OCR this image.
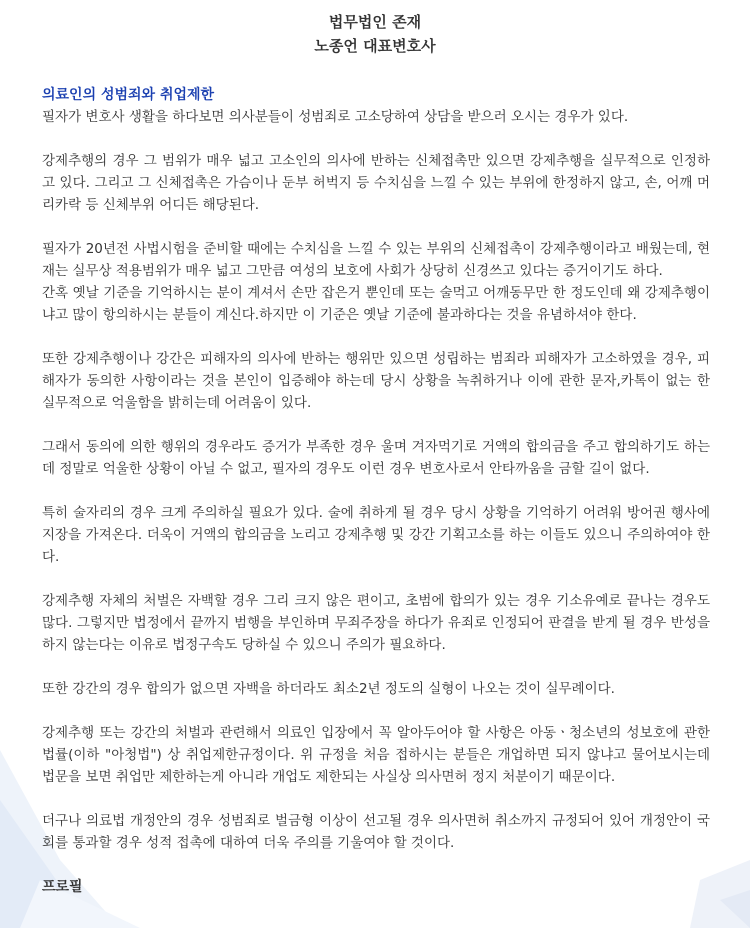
법무법인 존재
노종언 대표변호사

의료인의 성범죄와 취업제한

필자가 변호사 생활을 하다보면 의사분들이 성범죄로 고소당하여 상담을 받으러 오시는 경우가 있다.

강제추행의 경우 그 범위가 매우 넓고 고소인의 의사에 반하는 신체접촉만 있으면 강제추행을 실무적으로 인정하고 있다. 그리고 그 신체접촉은 가슴이나 둔부 허벅지 등 수치심을 느낄 수 있는 부위에 한정하지 않고, 손, 어깨 머리카락 등 신체부위 어디든 해당된다.

필자가 20년전 사법시험을 준비할 때에는 수치심을 느낄 수 있는 부위의 신체접촉이 강제추행이라고 배웠는데, 현재는 실무상 적용범위가 매우 넓고 그만큼 여성의 보호에 사회가 상당히 신경쓰고 있다는 증거이기도 하다.

간혹 옛날 기준을 기억하시는 분이 계셔서 손만 잡은거 뿐인데 또는 술먹고 어깨동무만 한 정도인데 왜 강제추행이냐고 많이 항의하시는 분들이 계신다.하지만 이 기준은 옛날 기준에 불과하다는 것을 유념하셔야 한다.

또한 강제추행이나 강간은 피해자의 의사에 반하는 행위만 있으면 성립하는 범죄라 피해자가 고소하였을 경우, 피해자가 동의한 사항이라는 것을 본인이 입증해야 하는데 당시 상황을 녹취하거나 이에 관한 문자,카톡이 없는 한 실무적으로 억울함을 밝히는데 어려움이 있다.

그래서 동의에 의한 행위의 경우라도 증거가 부족한 경우 울며 겨자먹기로 거액의 합의금을 주고 합의하기도 하는데 정말로 억울한 상황이 아닐 수 없고, 필자의 경우도 이런 경우 변호사로서 안타까움을 금할 길이 없다.

특히 술자리의 경우 크게 주의하실 필요가 있다. 술에 취하게 될 경우 당시 상황을 기억하기 어려워 방어권 행사에 지장을 가져온다. 더욱이 거액의 합의금을 노리고 강제추행 및 강간 기획고소를 하는 이들도 있으니 주의하여야 한다.

강제추행 자체의 처벌은 자백할 경우 그리 크지 않은 편이고, 초범에 합의가 있는 경우 기소유예로 끝나는 경우도 많다. 그렇지만 법정에서 끝까지 범행을 부인하며 무죄주장을 하다가 유죄로 인정되어 판결을 받게 될 경우 반성을 하지 않는다는 이유로 법정구속도 당하실 수 있으니 주의가 필요하다.

또한 강간의 경우 합의가 없으면 자백을 하더라도 최소2년 정도의 실형이 나오는 것이 실무례이다.

강제추행 또는 강간의 처벌과 관련해서 의료인 입장에서 꼭 알아두어야 할 사항은 아동ㆍ청소년의 성보호에 관한 법률(이하 "아청법") 상 취업제한규정이다. 위 규정을 처음 접하시는 분들은 개업하면 되지 않냐고 물어보시는데 법문을 보면 취업만 제한하는게 아니라 개업도 제한되는 사실상 의사면허 정지 처분이기 때문이다.

더구나 의료법 개정안의 경우 성범죄로 벌금형 이상이 선고될 경우 의사면허 취소까지 규정되어 있어 개정안이 국회를 통과할 경우 성적 접촉에 대하여 더욱 주의를 기울여야 할 것이다.

프로필
